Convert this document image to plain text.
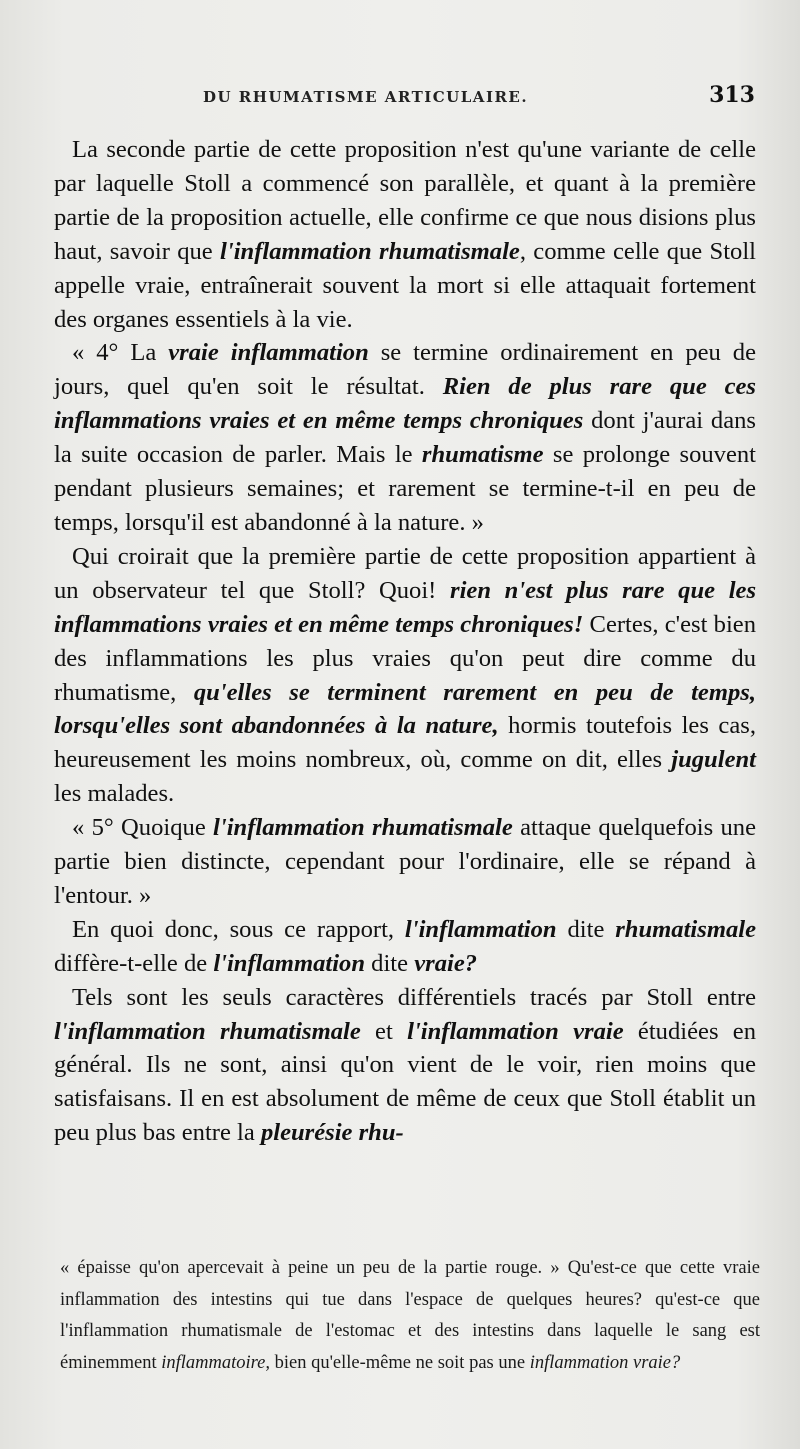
DU RHUMATISME ARTICULAIRE.	313

La seconde partie de cette proposition n'est qu'une variante de celle par laquelle Stoll a commencé son parallèle, et quant à la première partie de la proposition actuelle, elle confirme ce que nous disions plus haut, savoir que l'inflammation rhumatismale, comme celle que Stoll appelle vraie, entraînerait souvent la mort si elle attaquait fortement des organes essentiels à la vie.

« 4° La vraie inflammation se termine ordinairement en peu de jours, quel qu'en soit le résultat. Rien de plus rare que ces inflammations vraies et en même temps chroniques dont j'aurai dans la suite occasion de parler. Mais le rhumatisme se prolonge souvent pendant plusieurs semaines; et rarement se termine-t-il en peu de temps, lorsqu'il est abandonné à la nature. »

Qui croirait que la première partie de cette proposition appartient à un observateur tel que Stoll? Quoi! rien n'est plus rare que les inflammations vraies et en même temps chroniques! Certes, c'est bien des inflammations les plus vraies qu'on peut dire comme du rhumatisme, qu'elles se terminent rarement en peu de temps, lorsqu'elles sont abandonnées à la nature, hormis toutefois les cas, heureusement les moins nombreux, où, comme on dit, elles jugulent les malades.

« 5° Quoique l'inflammation rhumatismale attaque quelquefois une partie bien distincte, cependant pour l'ordinaire, elle se répand à l'entour. »

En quoi donc, sous ce rapport, l'inflammation dite rhumatismale diffère-t-elle de l'inflammation dite vraie?

Tels sont les seuls caractères différentiels tracés par Stoll entre l'inflammation rhumatismale et l'inflammation vraie étudiées en général. Ils ne sont, ainsi qu'on vient de le voir, rien moins que satisfaisans. Il en est absolument de même de ceux que Stoll établit un peu plus bas entre la pleurésie rhu-

« épaisse qu'on apercevait à peine un peu de la partie rouge. » Qu'est-ce que cette vraie inflammation des intestins qui tue dans l'espace de quelques heures? qu'est-ce que l'inflammation rhumatismale de l'estomac et des intestins dans laquelle le sang est éminemment inflammatoire, bien qu'elle-même ne soit pas une inflammation vraie?
